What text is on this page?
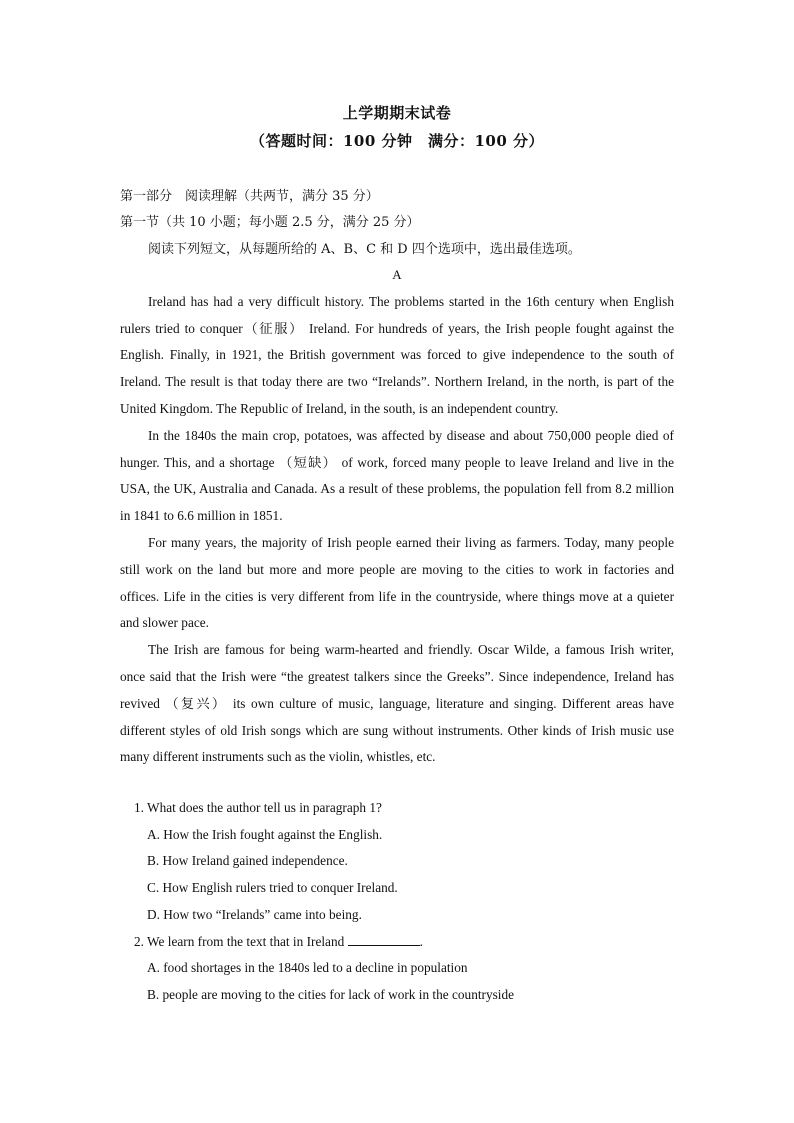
上学期期末试卷
（答题时间：100 分钟　满分：100 分）
第一部分　阅读理解（共两节，满分 35 分）
第一节（共 10 小题；每小题 2.5 分，满分 25 分）
阅读下列短文，从每题所给的 A、B、C 和 D 四个选项中，选出最佳选项。

A

Ireland has had a very difficult history. The problems started in the 16th century when English rulers tried to conquer（征服） Ireland. For hundreds of years, the Irish people fought against the English. Finally, in 1921, the British government was forced to give independence to the south of Ireland. The result is that today there are two “Irelands”. Northern Ireland, in the north, is part of the United Kingdom. The Republic of Ireland, in the south, is an independent country.

In the 1840s the main crop, potatoes, was affected by disease and about 750,000 people died of hunger. This, and a shortage （短缺） of work, forced many people to leave Ireland and live in the USA, the UK, Australia and Canada. As a result of these problems, the population fell from 8.2 million in 1841 to 6.6 million in 1851.

For many years, the majority of Irish people earned their living as farmers. Today, many people still work on the land but more and more people are moving to the cities to work in factories and offices. Life in the cities is very different from life in the countryside, where things move at a quieter and slower pace.

The Irish are famous for being warm-hearted and friendly. Oscar Wilde, a famous Irish writer, once said that the Irish were “the greatest talkers since the Greeks”. Since independence, Ireland has revived （复兴） its own culture of music, language, literature and singing. Different areas have different styles of old Irish songs which are sung without instruments. Other kinds of Irish music use many different instruments such as the violin, whistles, etc.

1. What does the author tell us in paragraph 1?
A. How the Irish fought against the English.
B. How Ireland gained independence.
C. How English rulers tried to conquer Ireland.
D. How two “Irelands” came into being.
2. We learn from the text that in Ireland	.
A. food shortages in the 1840s led to a decline in population
B. people are moving to the cities for lack of work in the countryside
